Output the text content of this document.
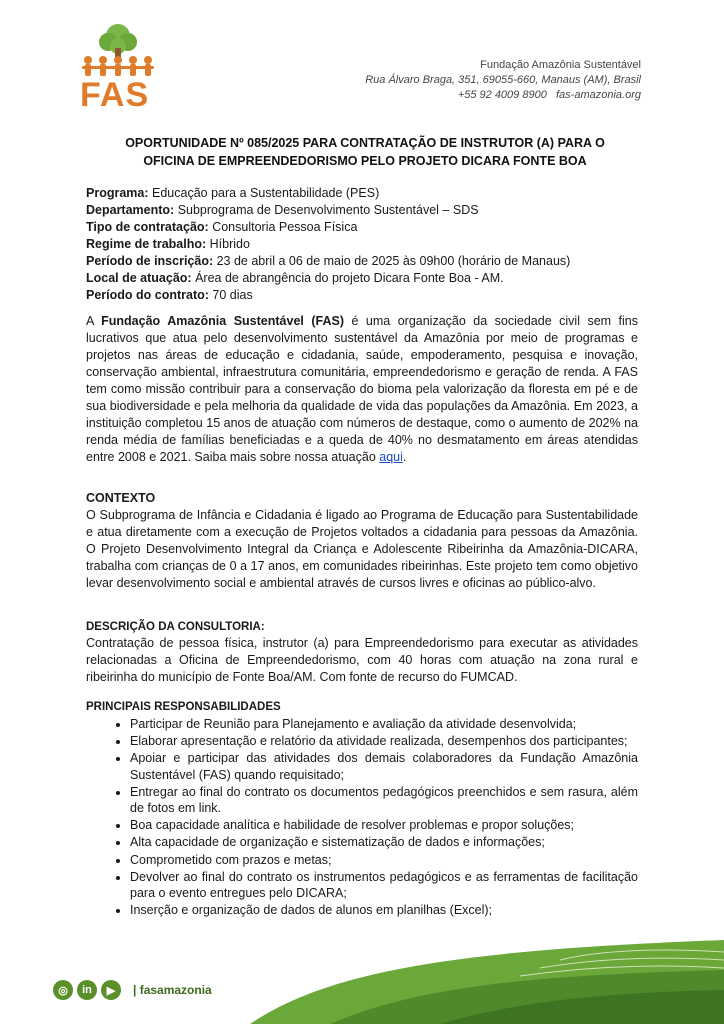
FAS
Fundação Amazônia Sustentável
Rua Álvaro Braga, 351, 69055-660, Manaus (AM), Brasil
+55 92 4009 8900 fas-amazonia.org
OPORTUNIDADE Nº 085/2025 PARA CONTRATAÇÃO DE INSTRUTOR (A) PARA O
OFICINA DE EMPREENDEDORISMO PELO PROJETO DICARA FONTE BOA
Programa: Educação para a Sustentabilidade (PES)
Departamento: Subprograma de Desenvolvimento Sustentável – SDS
Tipo de contratação: Consultoria Pessoa Física
Regime de trabalho: Híbrido
Período de inscrição: 23 de abril a 06 de maio de 2025 às 09h00 (horário de Manaus)
Local de atuação: Área de abrangência do projeto Dicara Fonte Boa - AM.
Período do contrato: 70 dias
A Fundação Amazônia Sustentável (FAS) é uma organização da sociedade civil sem fins lucrativos que atua pelo desenvolvimento sustentável da Amazônia por meio de programas e projetos nas áreas de educação e cidadania, saúde, empoderamento, pesquisa e inovação, conservação ambiental, infraestrutura comunitária, empreendedorismo e geração de renda. A FAS tem como missão contribuir para a conservação do bioma pela valorização da floresta em pé e de sua biodiversidade e pela melhoria da qualidade de vida das populações da Amazônia. Em 2023, a instituição completou 15 anos de atuação com números de destaque, como o aumento de 202% na renda média de famílias beneficiadas e a queda de 40% no desmatamento em áreas atendidas entre 2008 e 2021. Saiba mais sobre nossa atuação aqui.
CONTEXTO
O Subprograma de Infância e Cidadania é ligado ao Programa de Educação para Sustentabilidade e atua diretamente com a execução de Projetos voltados a cidadania para pessoas da Amazônia. O Projeto Desenvolvimento Integral da Criança e Adolescente Ribeirinha da Amazônia-DICARA, trabalha com crianças de 0 a 17 anos, em comunidades ribeirinhas. Este projeto tem como objetivo levar desenvolvimento social e ambiental através de cursos livres e oficinas ao público-alvo.
DESCRIÇÃO DA CONSULTORIA:
Contratação de pessoa física, instrutor (a) para Empreendedorismo para executar as atividades relacionadas a Oficina de Empreendedorismo, com 40 horas com atuação na zona rural e ribeirinha do município de Fonte Boa/AM. Com fonte de recurso do FUMCAD.
PRINCIPAIS RESPONSABILIDADES
• Participar de Reunião para Planejamento e avaliação da atividade desenvolvida;
• Elaborar apresentação e relatório da atividade realizada, desempenhos dos participantes;
• Apoiar e participar das atividades dos demais colaboradores da Fundação Amazônia Sustentável (FAS) quando requisitado;
• Entregar ao final do contrato os documentos pedagógicos preenchidos e sem rasura, além de fotos em link.
• Boa capacidade analítica e habilidade de resolver problemas e propor soluções;
• Alta capacidade de organização e sistematização de dados e informações;
• Comprometido com prazos e metas;
• Devolver ao final do contrato os instrumentos pedagógicos e as ferramentas de facilitação para o evento entregues pelo DICARA;
• Inserção e organização de dados de alunos em planilhas (Excel);
◎	in	▶	| fasamazonia
